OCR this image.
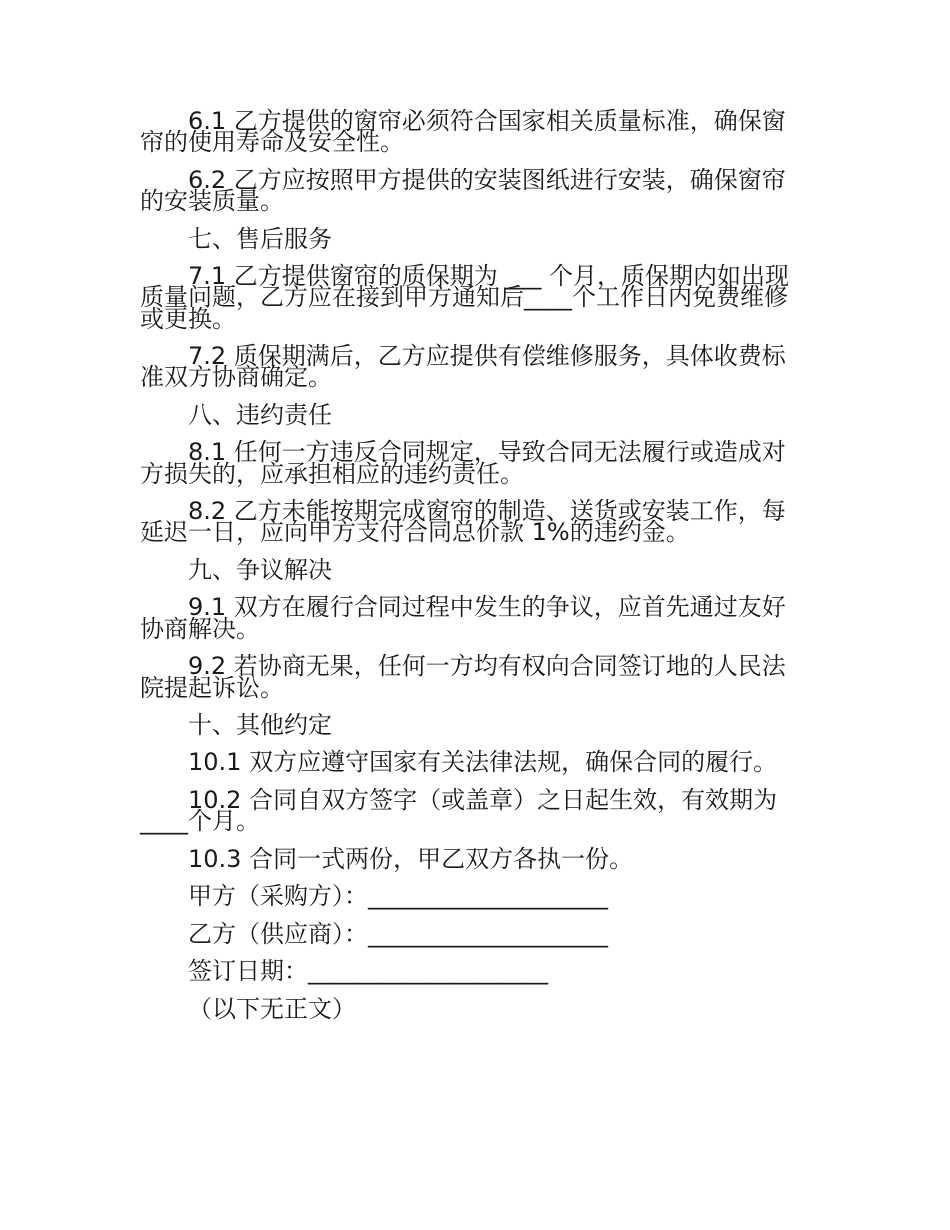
6.1 乙方提供的窗帘必须符合国家相关质量标准，确保窗
帘的使用寿命及安全性。
6.2 乙方应按照甲方提供的安装图纸进行安装，确保窗帘
的安装质量。
七、售后服务
7.1 乙方提供窗帘的质保期为 ___ 个月，质保期内如出现
质量问题，乙方应在接到甲方通知后____个工作日内免费维修
或更换。
7.2 质保期满后，乙方应提供有偿维修服务，具体收费标
准双方协商确定。
八、违约责任
8.1 任何一方违反合同规定，导致合同无法履行或造成对
方损失的，应承担相应的违约责任。
8.2 乙方未能按期完成窗帘的制造、送货或安装工作，每
延迟一日，应向甲方支付合同总价款 1%的违约金。
九、争议解决
9.1 双方在履行合同过程中发生的争议，应首先通过友好
协商解决。
9.2 若协商无果，任何一方均有权向合同签订地的人民法
院提起诉讼。
十、其他约定
10.1 双方应遵守国家有关法律法规，确保合同的履行。
10.2 合同自双方签字（或盖章）之日起生效，有效期为
____个月。
10.3 合同一式两份，甲乙双方各执一份。
甲方（采购方）：____________________
乙方（供应商）：____________________
签订日期：____________________
（以下无正文）
